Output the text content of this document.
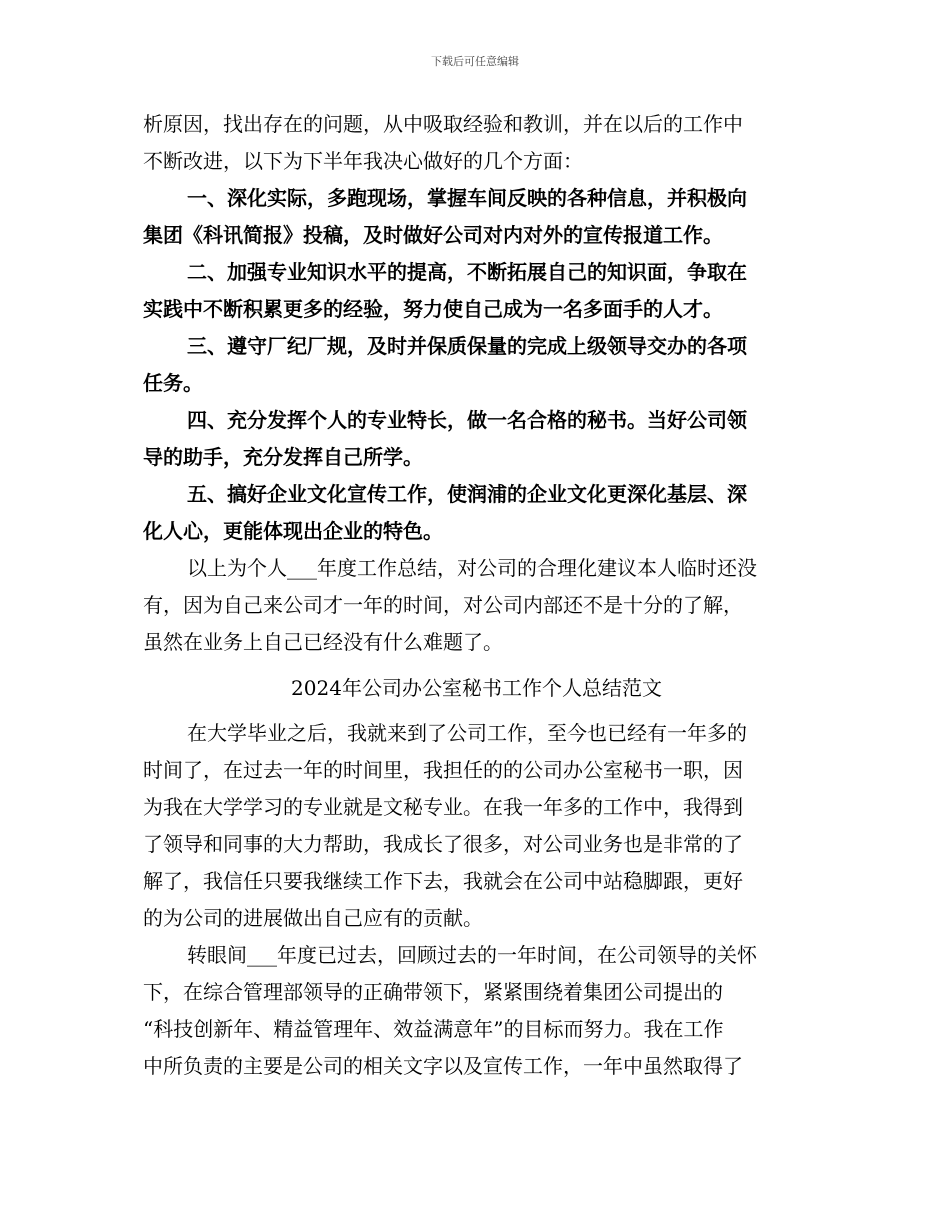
下载后可任意编辑
析原因，找出存在的问题，从中吸取经验和教训，并在以后的工作中
不断改进，以下为下半年我决心做好的几个方面：
一、深化实际，多跑现场，掌握车间反映的各种信息，并积极向
集团《科讯简报》投稿，及时做好公司对内对外的宣传报道工作。
二、加强专业知识水平的提高，不断拓展自己的知识面，争取在
实践中不断积累更多的经验，努力使自己成为一名多面手的人才。
三、遵守厂纪厂规，及时并保质保量的完成上级领导交办的各项
任务。
四、充分发挥个人的专业特长，做一名合格的秘书。当好公司领
导的助手，充分发挥自己所学。
五、搞好企业文化宣传工作，使润浦的企业文化更深化基层、深
化人心，更能体现出企业的特色。
以上为个人___年度工作总结，对公司的合理化建议本人临时还没
有，因为自己来公司才一年的时间，对公司内部还不是十分的了解，
虽然在业务上自己已经没有什么难题了。
2024年公司办公室秘书工作个人总结范文
在大学毕业之后，我就来到了公司工作，至今也已经有一年多的
时间了，在过去一年的时间里，我担任的的公司办公室秘书一职，因
为我在大学学习的专业就是文秘专业。在我一年多的工作中，我得到
了领导和同事的大力帮助，我成长了很多，对公司业务也是非常的了
解了，我信任只要我继续工作下去，我就会在公司中站稳脚跟，更好
的为公司的进展做出自己应有的贡献。
转眼间___年度已过去，回顾过去的一年时间，在公司领导的关怀
下，在综合管理部领导的正确带领下，紧紧围绕着集团公司提出的
“科技创新年、精益管理年、效益满意年”的目标而努力。我在工作
中所负责的主要是公司的相关文字以及宣传工作，一年中虽然取得了
